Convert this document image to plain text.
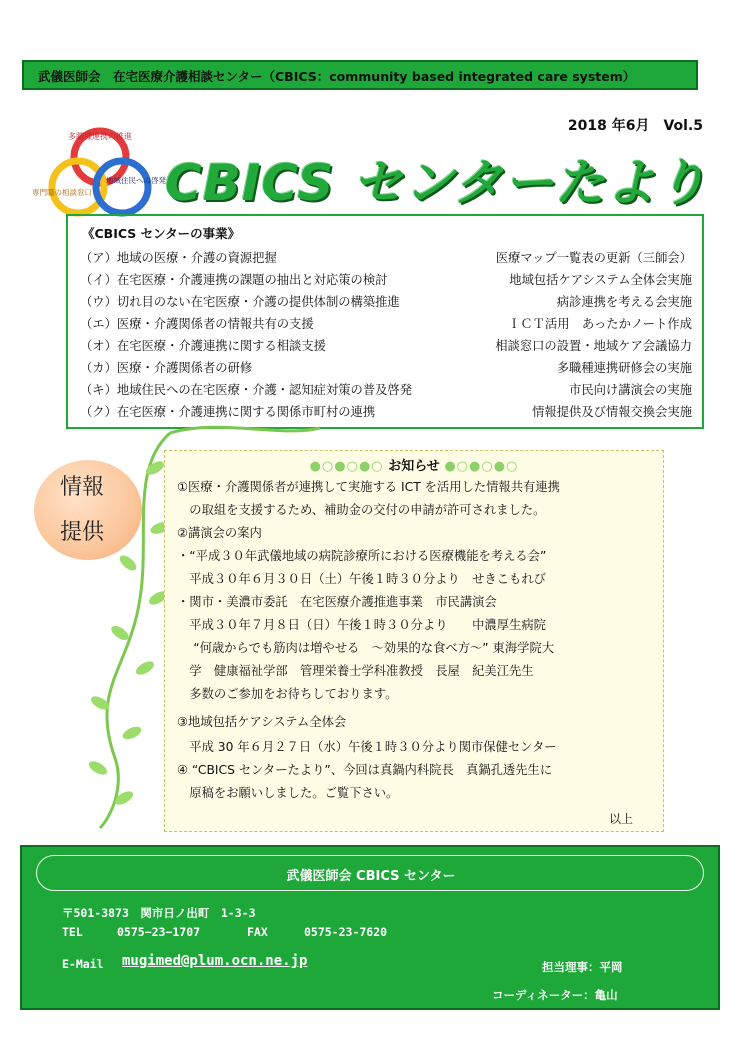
武儀医師会　在宅医療介護相談センター（CBICS：community based integrated care system）
2018 年6月　Vol.5
多職種連携の推進
専門職の相談窓口
地域住民への啓発 CBICS センターたより
《CBICS センターの事業》
（ア）地域の医療・介護の資源把握	医療マップ一覧表の更新（三師会）
（イ）在宅医療・介護連携の課題の抽出と対応策の検討	地域包括ケアシステム全体会実施
（ウ）切れ目のない在宅医療・介護の提供体制の構築推進	病診連携を考える会実施
（エ）医療・介護関係者の情報共有の支援	ＩＣＴ活用　あったかノート作成
（オ）在宅医療・介護連携に関する相談支援	相談窓口の設置・地域ケア会議協力
（カ）医療・介護関係者の研修	多職種連携研修会の実施
（キ）地域住民への在宅医療・介護・認知症対策の普及啓発	市民向け講演会の実施
（ク）在宅医療・介護連携に関する関係市町村の連携	情報提供及び情報交換会実施
情報
提供
●○●○●○ お知らせ ●○●○●○
①医療・介護関係者が連携して実施する ICT を活用した情報共有連携
　の取組を支援するため、補助金の交付の申請が許可されました。
②講演会の案内
・“平成３０年武儀地域の病院診療所における医療機能を考える会”
　平成３０年６月３０日（土）午後１時３０分より　せきこもれび
・関市・美濃市委託　在宅医療介護推進事業　市民講演会
　平成３０年７月８日（日）午後１時３０分より　　中濃厚生病院
　 “何歳からでも筋肉は増やせる　～効果的な食べ方～” 東海学院大
　学　健康福祉学部　管理栄養士学科准教授　長屋　紀美江先生
　多数のご参加をお待ちしております。
③地域包括ケアシステム全体会
　平成 30 年６月２７日（水）午後１時３０分より関市保健センター
④ “CBICS センターたより”、今回は真鍋内科院長　真鍋孔透先生に
　原稿をお願いしました。ご覧下さい。
以上
武儀医師会 CBICS センター
〒501-3873　関市日ノ出町　1-3-3
TEL	0575−23−1707	FAX	0575-23-7620
E-Mail mugimed@plum.ocn.ne.jp	担当理事：平岡
コーディネーター：亀山
